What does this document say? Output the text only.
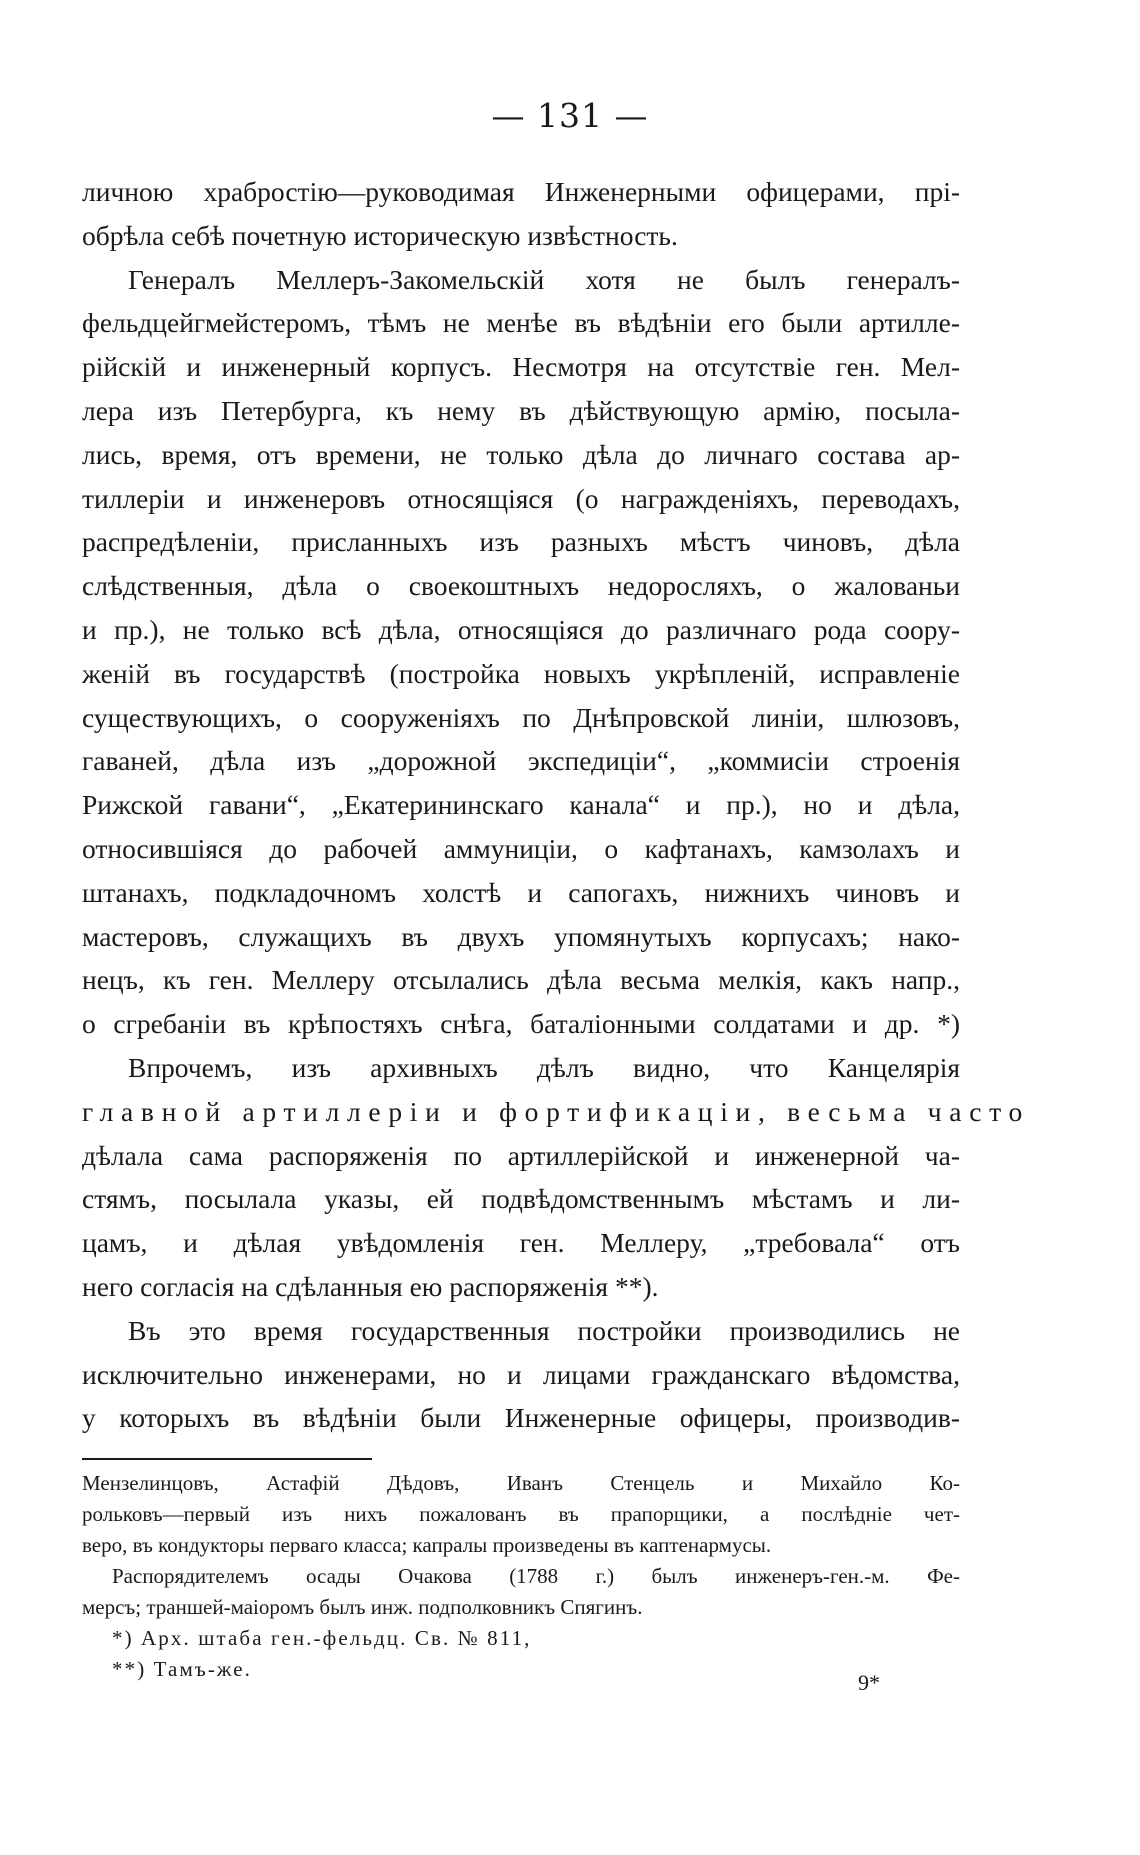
— 131 —
личною храбростію—руководимая Инженерными офицерами, прі-
обрѣла себѣ почетную историческую извѣстность.
Генералъ Меллеръ-Закомельскій хотя не былъ генералъ-
фельдцейгмейстеромъ, тѣмъ не менѣе въ вѣдѣніи его были артилле-
рійскій и инженерный корпусъ. Несмотря на отсутствіе ген. Мел-
лера изъ Петербурга, къ нему въ дѣйствующую армію, посыла-
лись, время, отъ времени, не только дѣла до личнаго состава ар-
тиллеріи и инженеровъ относящіяся (о награжденіяхъ, переводахъ,
распредѣленіи, присланныхъ изъ разныхъ мѣстъ чиновъ, дѣла
слѣдственныя, дѣла о своекоштныхъ недоросляхъ, о жалованьи
и пр.), не только всѣ дѣла, относящіяся до различнаго рода соору-
женій въ государствѣ (постройка новыхъ укрѣпленій, исправленіе
существующихъ, о сооруженіяхъ по Днѣпровской линіи, шлюзовъ,
гаваней, дѣла изъ „дорожной экспедиціи“, „коммисіи строенія
Рижской гавани“, „Екатерининскаго канала“ и пр.), но и дѣла,
относившіяся до рабочей аммуниціи, о кафтанахъ, камзолахъ и
штанахъ, подкладочномъ холстѣ и сапогахъ, нижнихъ чиновъ и
мастеровъ, служащихъ въ двухъ упомянутыхъ корпусахъ; нако-
нецъ, къ ген. Меллеру отсылались дѣла весьма мелкія, какъ напр.,
о сгребаніи въ крѣпостяхъ снѣга, баталіонными солдатами и др. *)
Впрочемъ, изъ архивныхъ дѣлъ видно, что Канцелярія
главной артиллеріи и фортификаціи, весьма часто
дѣлала сама распоряженія по артиллерійской и инженерной ча-
стямъ, посылала указы, ей подвѣдомственнымъ мѣстамъ и ли-
цамъ, и дѣлая увѣдомленія ген. Меллеру, „требовала“ отъ
него согласія на сдѣланныя ею распоряженія **).
Въ это время государственныя постройки производились не
исключительно инженерами, но и лицами гражданскаго вѣдомства,
у которыхъ въ вѣдѣніи были Инженерные офицеры, производив-
Мензелинцовъ, Астафій Дѣдовъ, Иванъ Стенцель и Михайло Ко-
рольковъ—первый изъ нихъ пожалованъ въ прапорщики, а послѣдніе чет-
веро, въ кондукторы перваго класса; капралы произведены въ каптенармусы.
Распорядителемъ осады Очакова (1788 г.) былъ инженеръ-ген.-м. Фе-
мерсъ; траншей-маіоромъ былъ инж. подполковникъ Спягинъ.
*) Арх. штаба ген.-фельдц. Св. № 811,
**) Тамъ-же.
9*
